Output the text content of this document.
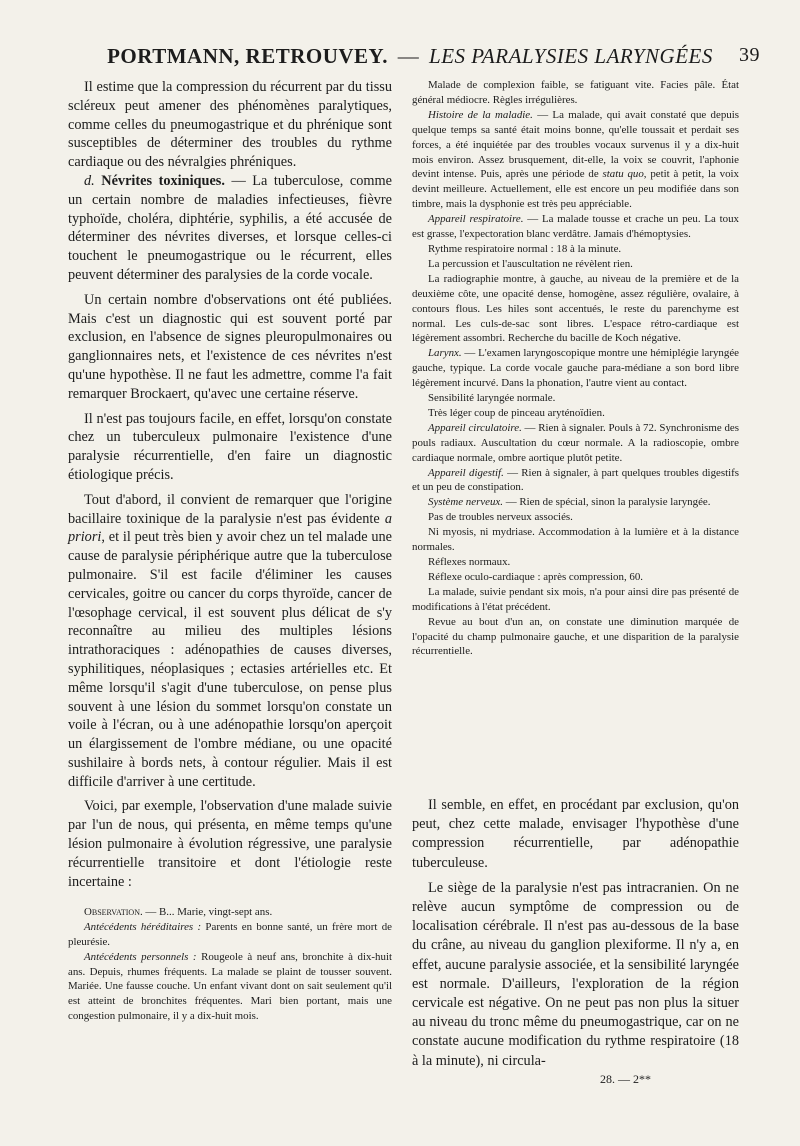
PORTMANN, RETROUVEY. — LES PARALYSIES LARYNGÉES 39

Il estime que la compression du récurrent par du tissu scléreux peut amener des phénomènes paralytiques, comme celles du pneumogastrique et du phrénique sont susceptibles de déterminer des troubles du rythme cardiaque ou des névralgies phréniques.

d. Névrites toxiniques. — La tuberculose, comme un certain nombre de maladies infectieuses, fièvre typhoïde, choléra, diphtérie, syphilis, a été accusée de déterminer des névrites diverses, et lorsque celles-ci touchent le pneumogastrique ou le récurrent, elles peuvent déterminer des paralysies de la corde vocale.

Un certain nombre d'observations ont été publiées. Mais c'est un diagnostic qui est souvent porté par exclusion, en l'absence de signes pleuropulmonaires ou ganglionnaires nets, et l'existence de ces névrites n'est qu'une hypothèse. Il ne faut les admettre, comme l'a fait remarquer Brockaert, qu'avec une certaine réserve.

Il n'est pas toujours facile, en effet, lorsqu'on constate chez un tuberculeux pulmonaire l'existence d'une paralysie récurrentielle, d'en faire un diagnostic étiologique précis.

Tout d'abord, il convient de remarquer que l'origine bacillaire toxinique de la paralysie n'est pas évidente a priori, et il peut très bien y avoir chez un tel malade une cause de paralysie périphérique autre que la tuberculose pulmonaire. S'il est facile d'éliminer les causes cervicales, goitre ou cancer du corps thyroïde, cancer de l'œsophage cervical, il est souvent plus délicat de s'y reconnaître au milieu des multiples lésions intrathoraciques : adénopathies de causes diverses, syphilitiques, néoplasiques ; ectasies artérielles etc. Et même lorsqu'il s'agit d'une tuberculose, on pense plus souvent à une lésion du sommet lorsqu'on constate un voile à l'écran, ou à une adénopathie lorsqu'on aperçoit un élargissement de l'ombre médiane, ou une opacité sushilaire à bords nets, à contour régulier. Mais il est difficile d'arriver à une certitude.

Voici, par exemple, l'observation d'une malade suivie par l'un de nous, qui présenta, en même temps qu'une lésion pulmonaire à évolution régressive, une paralysie récurrentielle transitoire et dont l'étiologie reste incertaine :

Observation. — B... Marie, vingt-sept ans.

Antécédents héréditaires : Parents en bonne santé, un frère mort de pleurésie.

Antécédents personnels : Rougeole à neuf ans, bronchite à dix-huit ans. Depuis, rhumes fréquents. La malade se plaint de tousser souvent. Mariée. Une fausse couche. Un enfant vivant dont on sait seulement qu'il est atteint de bronchites fréquentes. Mari bien portant, mais une congestion pulmonaire, il y a dix-huit mois.

Malade de complexion faible, se fatiguant vite. Facies pâle. État général médiocre. Règles irrégulières.

Histoire de la maladie. — La malade, qui avait constaté que depuis quelque temps sa santé était moins bonne, qu'elle toussait et perdait ses forces, a été inquiétée par des troubles vocaux survenus il y a dix-huit mois environ. Assez brusquement, dit-elle, la voix se couvrit, l'aphonie devint intense. Puis, après une période de statu quo, petit à petit, la voix devint meilleure. Actuellement, elle est encore un peu modifiée dans son timbre, mais la dysphonie est très peu appréciable.

Appareil respiratoire. — La malade tousse et crache un peu. La toux est grasse, l'expectoration blanc verdâtre. Jamais d'hémoptysies.

Rythme respiratoire normal : 18 à la minute.

La percussion et l'auscultation ne révèlent rien.

La radiographie montre, à gauche, au niveau de la première et de la deuxième côte, une opacité dense, homogène, assez régulière, ovalaire, à contours flous. Les hiles sont accentués, le reste du parenchyme est normal. Les culs-de-sac sont libres. L'espace rétro-cardiaque est légèrement assombri. Recherche du bacille de Koch négative.

Larynx. — L'examen laryngoscopique montre une hémiplégie laryngée gauche, typique. La corde vocale gauche para-médiane a son bord libre légèrement incurvé. Dans la phonation, l'autre vient au contact.

Sensibilité laryngée normale.

Très léger coup de pinceau aryténoïdien.

Appareil circulatoire. — Rien à signaler. Pouls à 72. Synchronisme des pouls radiaux. Auscultation du cœur normale. A la radioscopie, ombre cardiaque normale, ombre aortique plutôt petite.

Appareil digestif. — Rien à signaler, à part quelques troubles digestifs et un peu de constipation.

Système nerveux. — Rien de spécial, sinon la paralysie laryngée.

Pas de troubles nerveux associés.

Ni myosis, ni mydriase. Accommodation à la lumière et à la distance normales.

Réflexes normaux.

Réflexe oculo-cardiaque : après compression, 60.

La malade, suivie pendant six mois, n'a pour ainsi dire pas présenté de modifications à l'état précédent.

Revue au bout d'un an, on constate une diminution marquée de l'opacité du champ pulmonaire gauche, et une disparition de la paralysie récurrentielle.

Il semble, en effet, en procédant par exclusion, qu'on peut, chez cette malade, envisager l'hypothèse d'une compression récurrentielle, par adénopathie tuberculeuse.

Le siège de la paralysie n'est pas intracranien. On ne relève aucun symptôme de compression ou de localisation cérébrale. Il n'est pas au-dessous de la base du crâne, au niveau du ganglion plexiforme. Il n'y a, en effet, aucune paralysie associée, et la sensibilité laryngée est normale. D'ailleurs, l'exploration de la région cervicale est négative. On ne peut pas non plus la situer au niveau du tronc même du pneumogastrique, car on ne constate aucune modification du rythme respiratoire (18 à la minute), ni circula-

28. — 2**
